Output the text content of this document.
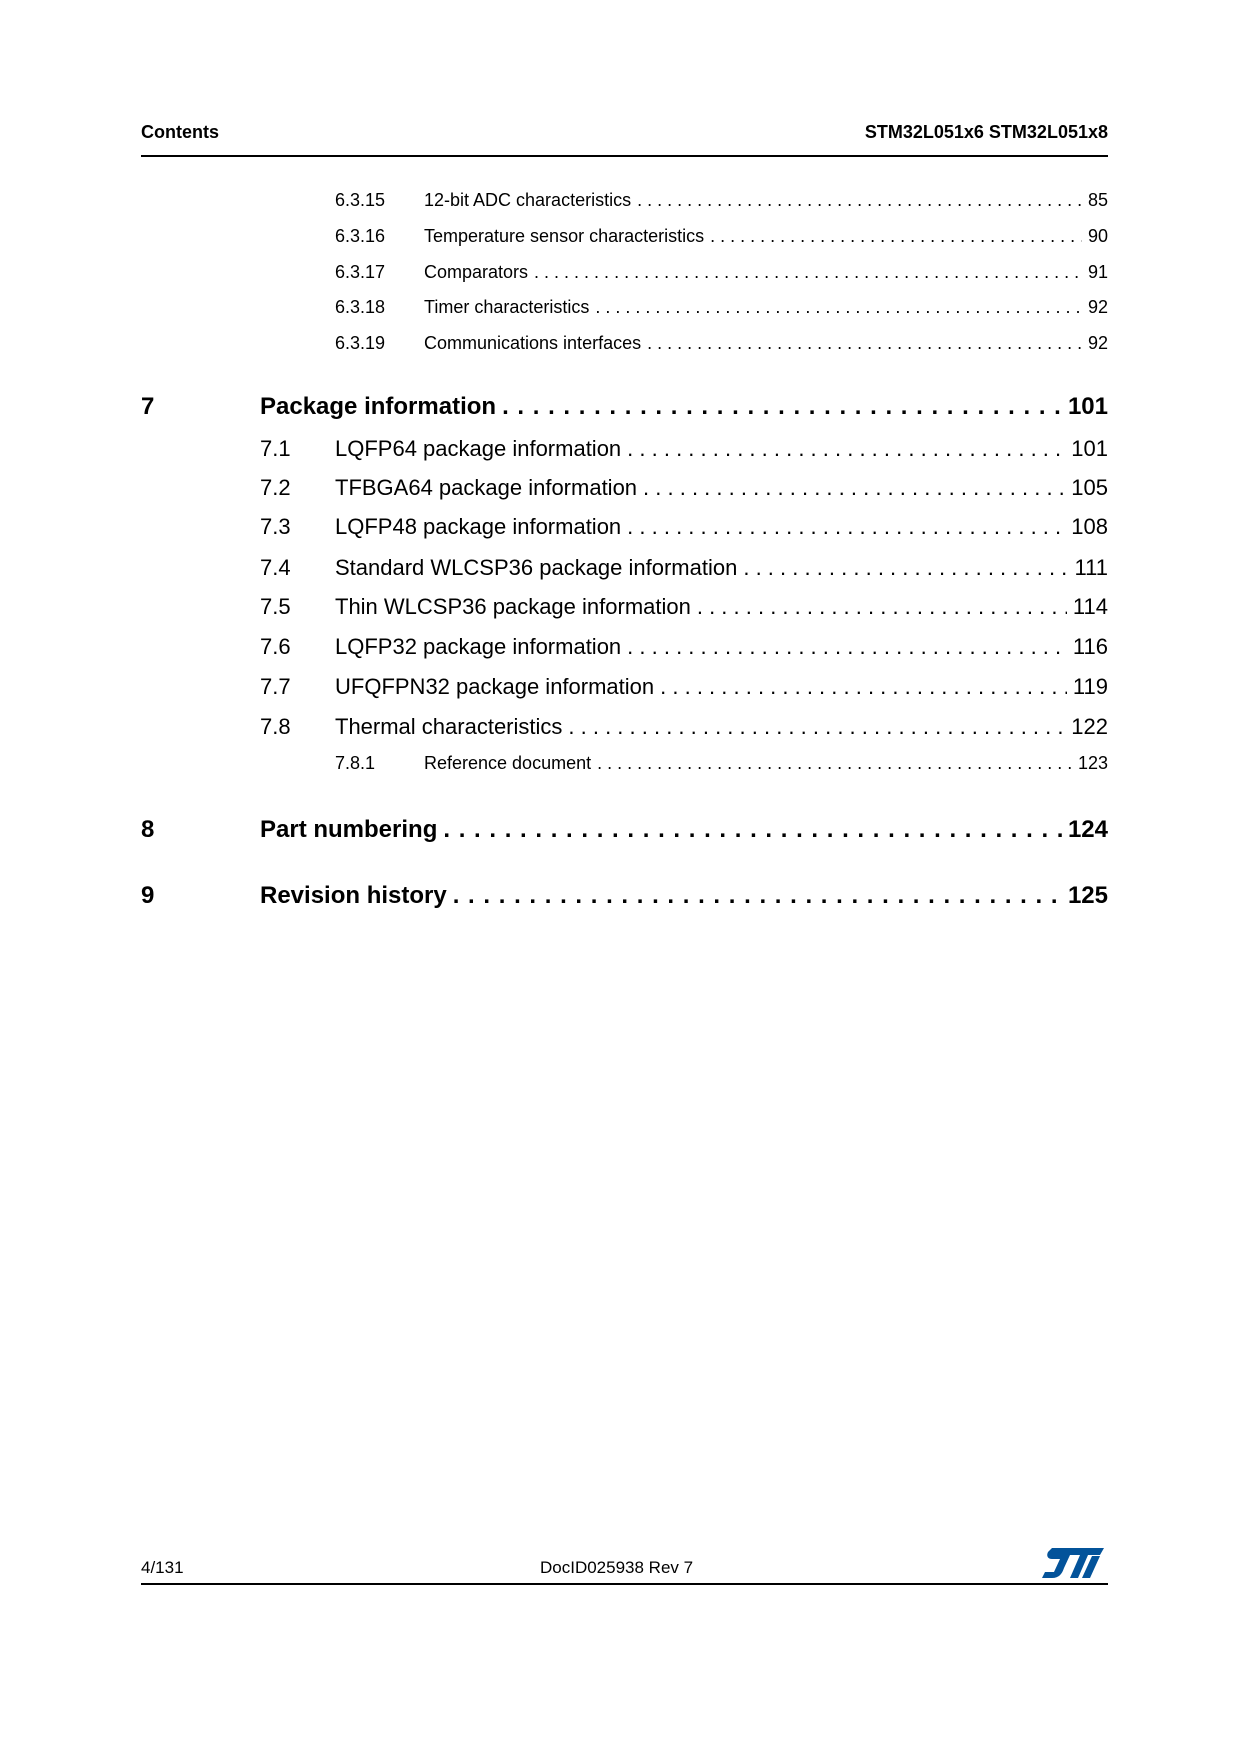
Contents	STM32L051x6 STM32L051x8
6.3.15 12-bit ADC characteristics . . .	85
6.3.16 Temperature sensor characteristics . . .	90
6.3.17 Comparators . . .	91
6.3.18 Timer characteristics . . .	92
6.3.19 Communications interfaces . . .	92
7	Package information . . .	101
7.1 LQFP64 package information . . .	101
7.2 TFBGA64 package information . . .	105
7.3 LQFP48 package information . . .	108
7.4 Standard WLCSP36 package information . . .	111
7.5 Thin WLCSP36 package information . . .	114
7.6 LQFP32 package information . . .	116
7.7 UFQFPN32 package information . . .	119
7.8 Thermal characteristics . . .	122
7.8.1	Reference document . . .	123
8	Part numbering . . .	124
9	Revision history . . .	125
4/131	DocID025938 Rev 7
